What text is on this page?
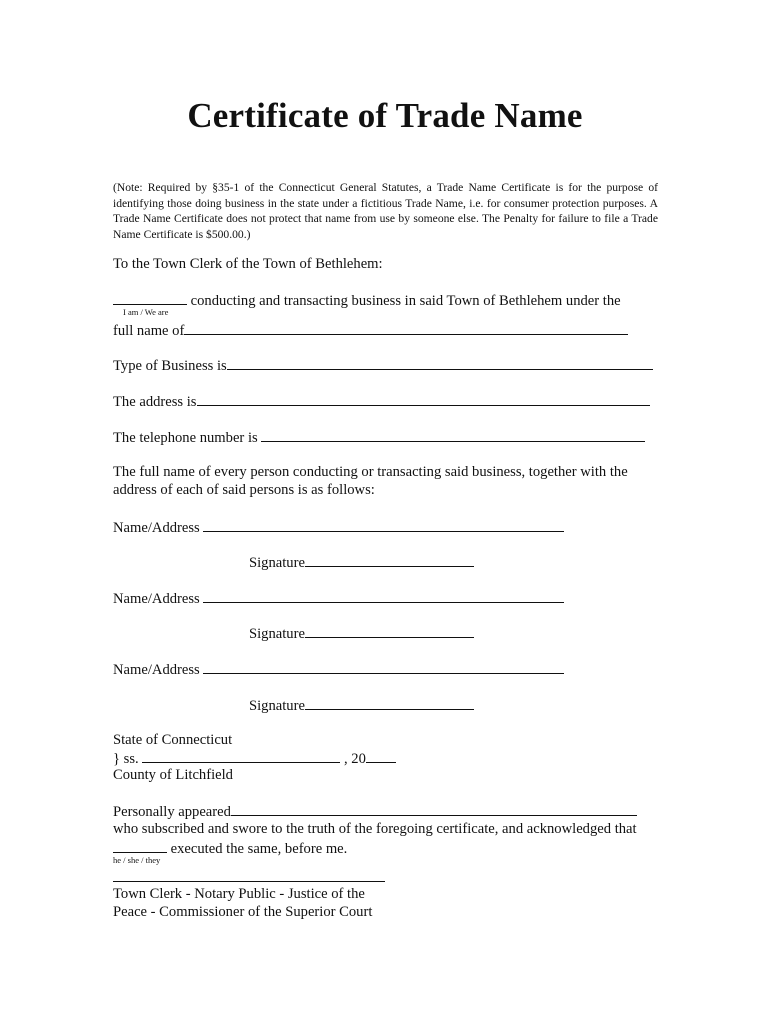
Certificate of Trade Name
(Note: Required by §35-1 of the Connecticut General Statutes, a Trade Name Certificate is for the purpose of identifying those doing business in the state under a fictitious Trade Name, i.e. for consumer protection purposes. A Trade Name Certificate does not protect that name from use by someone else. The Penalty for failure to file a Trade Name Certificate is $500.00.)
To the Town Clerk of the Town of Bethlehem:
conducting and transacting business in said Town of Bethlehem under the
I am / We are
full name of
Type of Business is
The address is
The telephone number is
The full name of every person conducting or transacting said business, together with the
address of each of said persons is as follows:
Name/Address
Signature
Name/Address
Signature
Name/Address
Signature
State of Connecticut
} ss.	, 20
County of Litchfield
Personally appeared
who subscribed and swore to the truth of the foregoing certificate, and acknowledged that
executed the same, before me.
he / she / they
Town Clerk - Notary Public - Justice of the
Peace - Commissioner of the Superior Court
